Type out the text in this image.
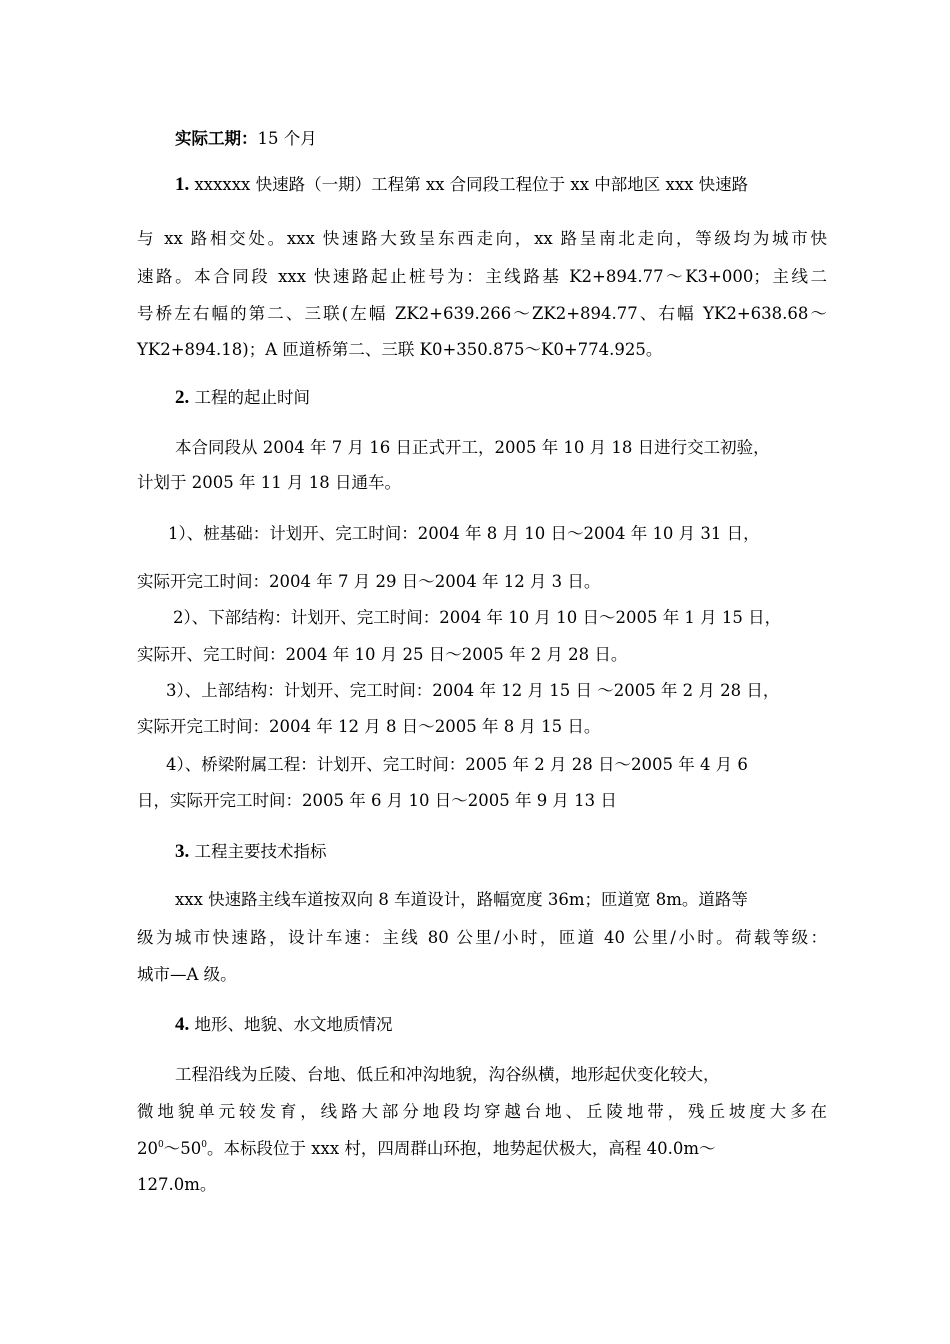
实际工期：15 个月
1. xxxxxx 快速路（一期）工程第 xx 合同段工程位于 xx 中部地区 xxx 快速路
与 xx 路相交处。xxx 快速路大致呈东西走向，xx 路呈南北走向，等级均为城市快
速路。本合同段 xxx 快速路起止桩号为：主线路基 K2+894.77～K3+000；主线二
号桥左右幅的第二、三联(左幅 ZK2+639.266～ZK2+894.77、右幅 YK2+638.68～
YK2+894.18)；A 匝道桥第二、三联 K0+350.875～K0+774.925。
2. 工程的起止时间
本合同段从 2004 年 7 月 16 日正式开工，2005 年 10 月 18 日进行交工初验，
计划于 2005 年 11 月 18 日通车。
1）、桩基础：计划开、完工时间：2004 年 8 月 10 日～2004 年 10 月 31 日，
实际开完工时间：2004 年 7 月 29 日～2004 年 12 月 3 日。
2）、下部结构：计划开、完工时间：2004 年 10 月 10 日～2005 年 1 月 15 日，
实际开、完工时间：2004 年 10 月 25 日～2005 年 2 月 28 日。
3）、上部结构：计划开、完工时间：2004 年 12 月 15 日 ～2005 年 2 月 28 日，
实际开完工时间：2004 年 12 月 8 日～2005 年 8 月 15 日。
4）、桥梁附属工程：计划开、完工时间：2005 年 2 月 28 日～2005 年 4 月 6
日，实际开完工时间：2005 年 6 月 10 日～2005 年 9 月 13 日
3. 工程主要技术指标
xxx 快速路主线车道按双向 8 车道设计，路幅宽度 36m；匝道宽 8m。道路等
级为城市快速路，设计车速：主线 80 公里/小时，匝道 40 公里/小时。荷载等级：
城市—A 级。
4. 地形、地貌、水文地质情况
工程沿线为丘陵、台地、低丘和冲沟地貌，沟谷纵横，地形起伏变化较大，
微地貌单元较发育，线路大部分地段均穿越台地、丘陵地带，残丘坡度大多在
$20^0\sim 50^0$。本标段位于 xxx 村，四周群山环抱，地势起伏极大，高程 40.0m～
127.0m。
